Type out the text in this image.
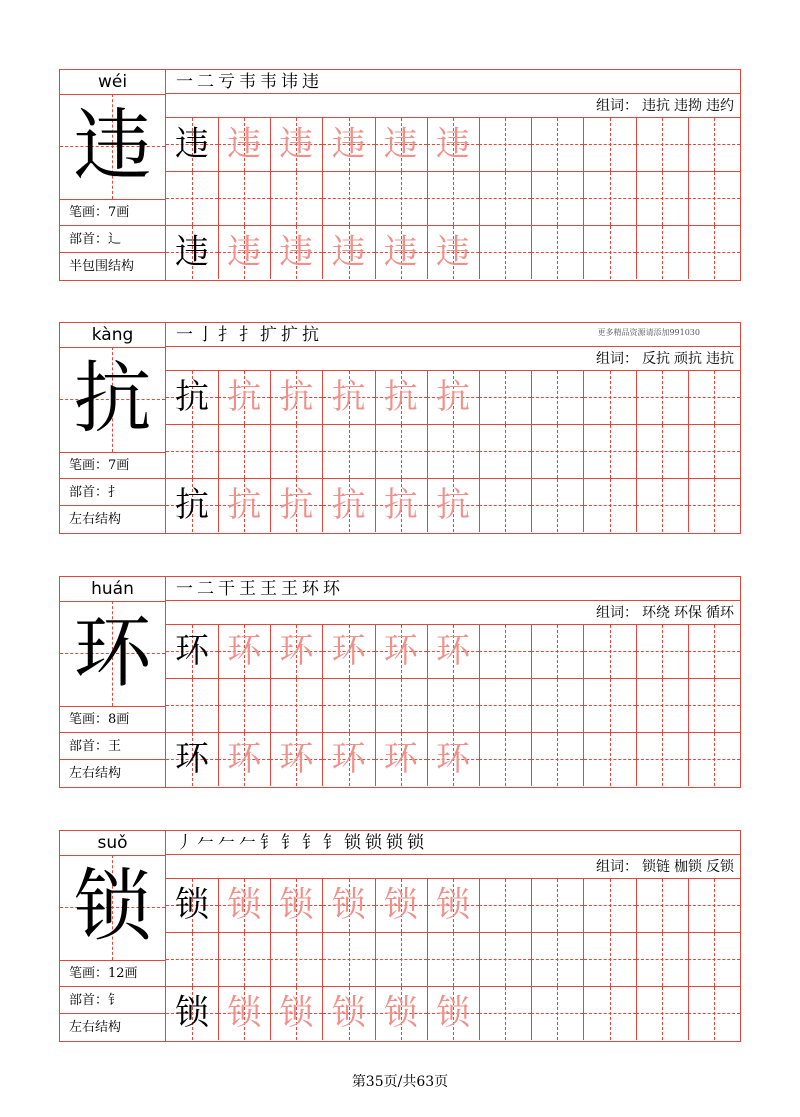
wéi
违
笔画：7画
部首：辶
半包围结构
一二亏韦韦讳违
组词： 违抗 违拗 违约
违 违 违 违 违 违
违 违 违 违 违 违
kàng
抗
笔画：7画
部首：扌
左右结构
一亅扌扌扩扩抗	更多精品资源请添加991030
组词： 反抗 顽抗 违抗
抗 抗 抗 抗 抗 抗
抗 抗 抗 抗 抗 抗
huán
环
笔画：8画
部首：王
左右结构
一二干王王王环环
组词： 环绕 环保 循环
环 环 环 环 环 环
环 环 环 环 环 环
suǒ
锁
笔画：12画
部首：钅
左右结构
丿𠂉𠂉𠂉钅钅钅钅锁锁锁锁
组词： 锁链 枷锁 反锁
锁 锁 锁 锁 锁 锁
锁 锁 锁 锁 锁 锁
第35页/共63页
